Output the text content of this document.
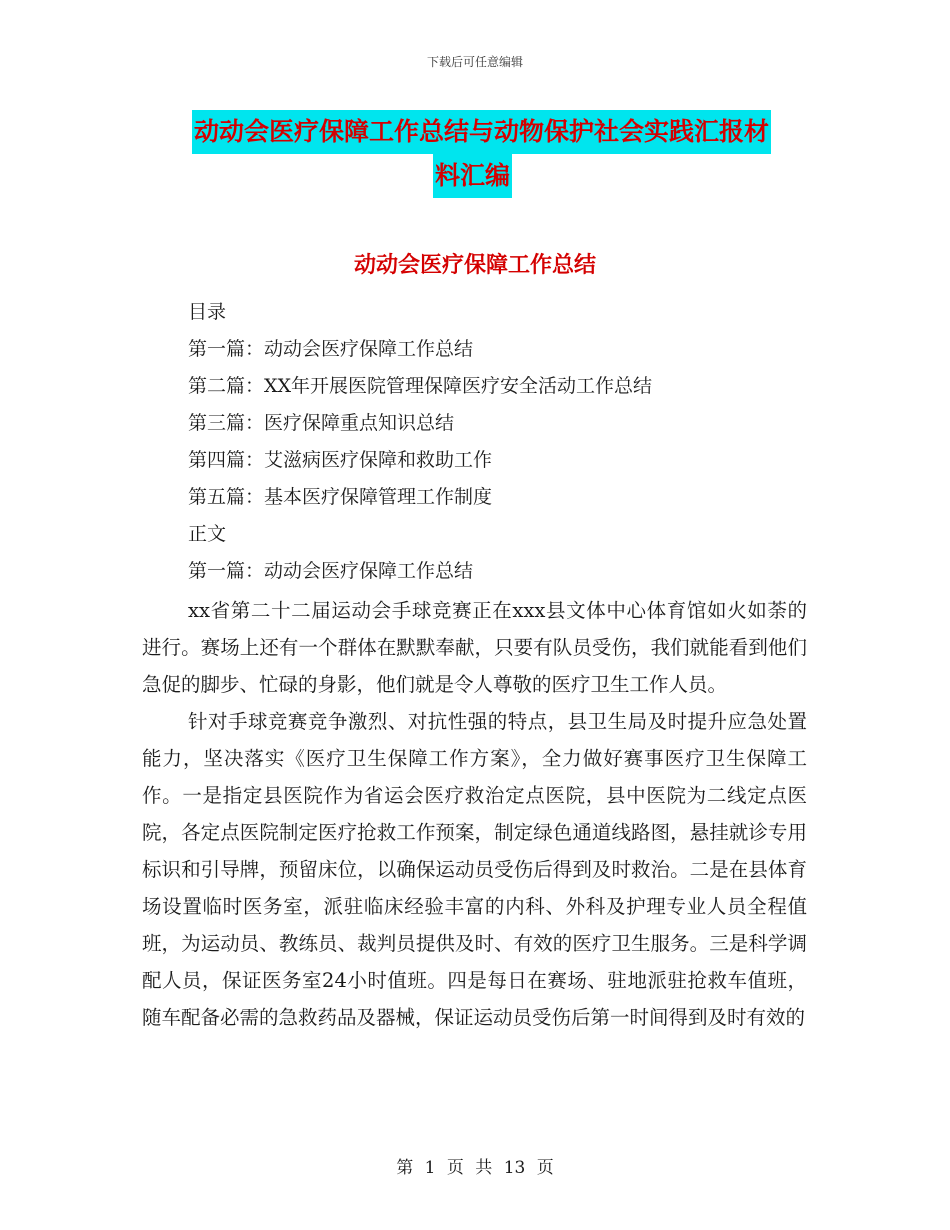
下载后可任意编辑
动动会医疗保障工作总结与动物保护社会实践汇报材
料汇编
动动会医疗保障工作总结
目录
第一篇：动动会医疗保障工作总结
第二篇：XX年开展医院管理保障医疗安全活动工作总结
第三篇：医疗保障重点知识总结
第四篇：艾滋病医疗保障和救助工作
第五篇：基本医疗保障管理工作制度
正文
第一篇：动动会医疗保障工作总结

xx省第二十二届运动会手球竞赛正在xxx县文体中心体育馆如火如荼的进行。赛场上还有一个群体在默默奉献，只要有队员受伤，我们就能看到他们急促的脚步、忙碌的身影，他们就是令人尊敬的医疗卫生工作人员。

针对手球竞赛竞争激烈、对抗性强的特点，县卫生局及时提升应急处置能力，坚决落实《医疗卫生保障工作方案》，全力做好赛事医疗卫生保障工作。一是指定县医院作为省运会医疗救治定点医院，县中医院为二线定点医院，各定点医院制定医疗抢救工作预案，制定绿色通道线路图，悬挂就诊专用标识和引导牌，预留床位，以确保运动员受伤后得到及时救治。二是在县体育场设置临时医务室，派驻临床经验丰富的内科、外科及护理专业人员全程值班，为运动员、教练员、裁判员提供及时、有效的医疗卫生服务。三是科学调配人员，保证医务室24小时值班。四是每日在赛场、驻地派驻抢救车值班，随车配备必需的急救药品及器械，保证运动员受伤后第一时间得到及时有效的

第 1 页 共 13 页
